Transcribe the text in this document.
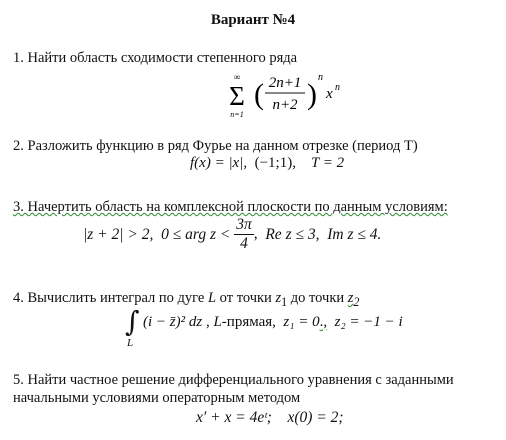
Вариант №4
1. Найти область сходимости степенного ряда
∞
Σ
n=1
( 2n+1
n+2 )
n
x n
2. Разложить функцию в ряд Фурье на данном отрезке (период T)
f(x) = |x|, (−1;1), T = 2
3. Начертить область на комплексной плоскости по данным условиям:
|z + 2| > 2, 0 ≤ arg $z < \frac{3\pi}{4}$ ,  Re z ≤ 3, Im z ≤ 4.
4. Вычислить интеграл по дуге L от точки $z_1$ до точки $z_2$
∫
L
(i − z̄)² dz , L-прямая, z₁ = 0., z₂ = −1 − i
5. Найти частное решение дифференциального уравнения с заданными
начальными условиями операторным методом
x′ + x = 4eᵗ; x(0) = 2;
